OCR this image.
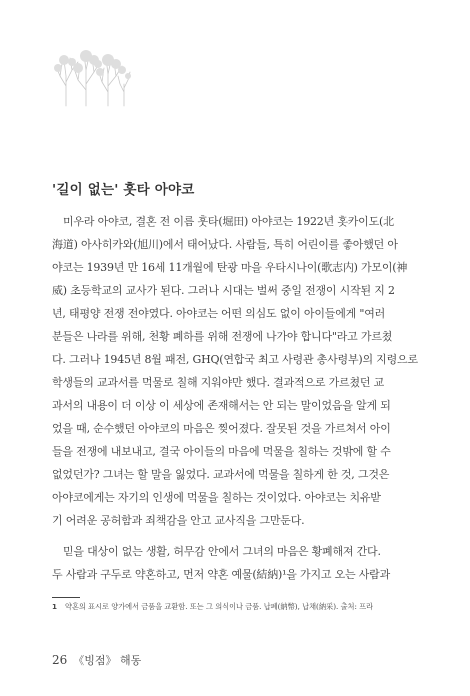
'길이 없는' 훗타 아야코
미우라 아야코, 결혼 전 이름 훗타(堀田) 아야코는 1922년 홋카이도(北
海道) 아사히카와(旭川)에서 태어났다. 사람들, 특히 어린이를 좋아했던 아
야코는 1939년 만 16세 11개월에 탄광 마을 우타시나이(歌志内) 가모이(神
威) 초등학교의 교사가 된다. 그러나 시대는 벌써 중일 전쟁이 시작된 지 2
년, 태평양 전쟁 전야였다. 아야코는 어떤 의심도 없이 아이들에게 "여러
분들은 나라를 위해, 천황 폐하를 위해 전쟁에 나가야 합니다"라고 가르쳤
다. 그러나 1945년 8월 패전, GHQ(연합국 최고 사령관 총사령부)의 지령으로
학생들의 교과서를 먹물로 칠해 지워야만 했다. 결과적으로 가르쳤던 교
과서의 내용이 더 이상 이 세상에 존재해서는 안 되는 말이었음을 알게 되
었을 때, 순수했던 아야코의 마음은 찢어졌다. 잘못된 것을 가르쳐서 아이
들을 전쟁에 내보내고, 결국 아이들의 마음에 먹물을 칠하는 것밖에 할 수
없었던가? 그녀는 할 말을 잃었다. 교과서에 먹물을 칠하게 한 것, 그것은
아야코에게는 자기의 인생에 먹물을 칠하는 것이었다. 아야코는 치유받
기 어려운 공허함과 죄책감을 안고 교사직을 그만둔다.
믿을 대상이 없는 생활, 허무감 안에서 그녀의 마음은 황폐해져 간다.
두 사람과 구두로 약혼하고, 먼저 약혼 예물(結納)¹을 가지고 오는 사람과
1 약혼의 표시로 양가에서 금품을 교환함. 또는 그 의식이나 금품. 납폐(納幣), 납채(納采). 출처: 프라
26 《빙점》 해동
